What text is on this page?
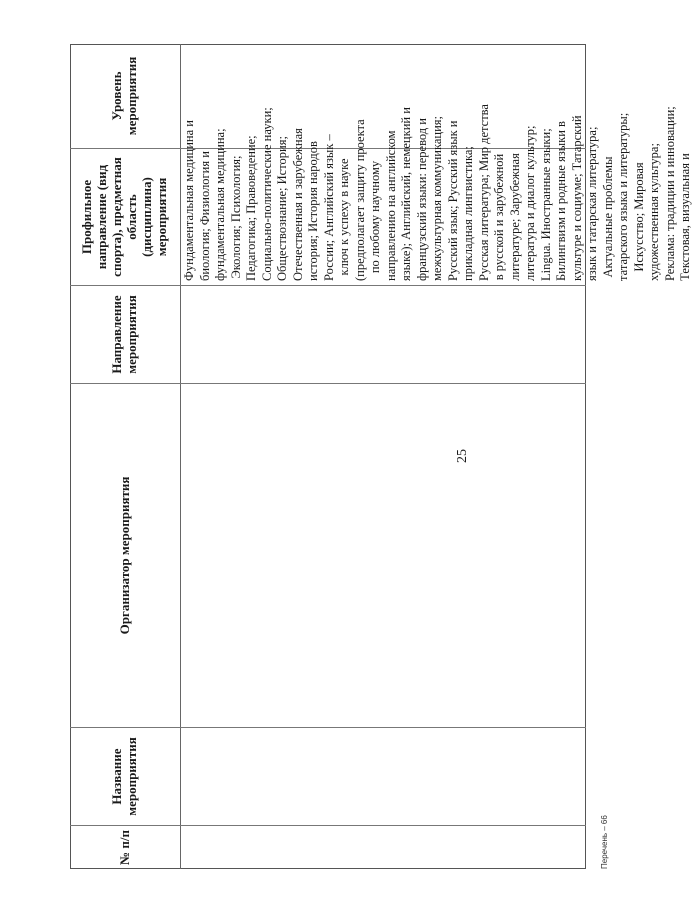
25
№ п/п
Название мероприятия
Организатор мероприятия
Направление мероприятия
Профильное направление (вид спорта), предметная область (дисциплина) мероприятия
Уровень мероприятия
Фундаментальная медицина и биология; Физиология и фундаментальная медицина; Экология; Психология; Педагогика; Правоведение; Социально-политические науки; Обществознание; История; Отечественная и зарубежная история; История народов России; Английский язык – ключ к успеху в науке (предполагает защиту проекта по любому научному направлению на английском языке); Английский, немецкий и французский языки: перевод и межкультурная коммуникация; Русский язык; Русский язык и прикладная лингвистика; Русская литература; Мир детства в русской и зарубежной литературе; Зарубежная литература и диалог культур; Lingua. Иностранные языки; Билингвизм и родные языки в культуре и социуме; Татарский язык и татарская литература; Актуальные проблемы татарского языка и литературы; Искусство; Мировая художественная культура; Реклама: традиции и инновации; Текстовая, визуальная и
Перечень – 66
